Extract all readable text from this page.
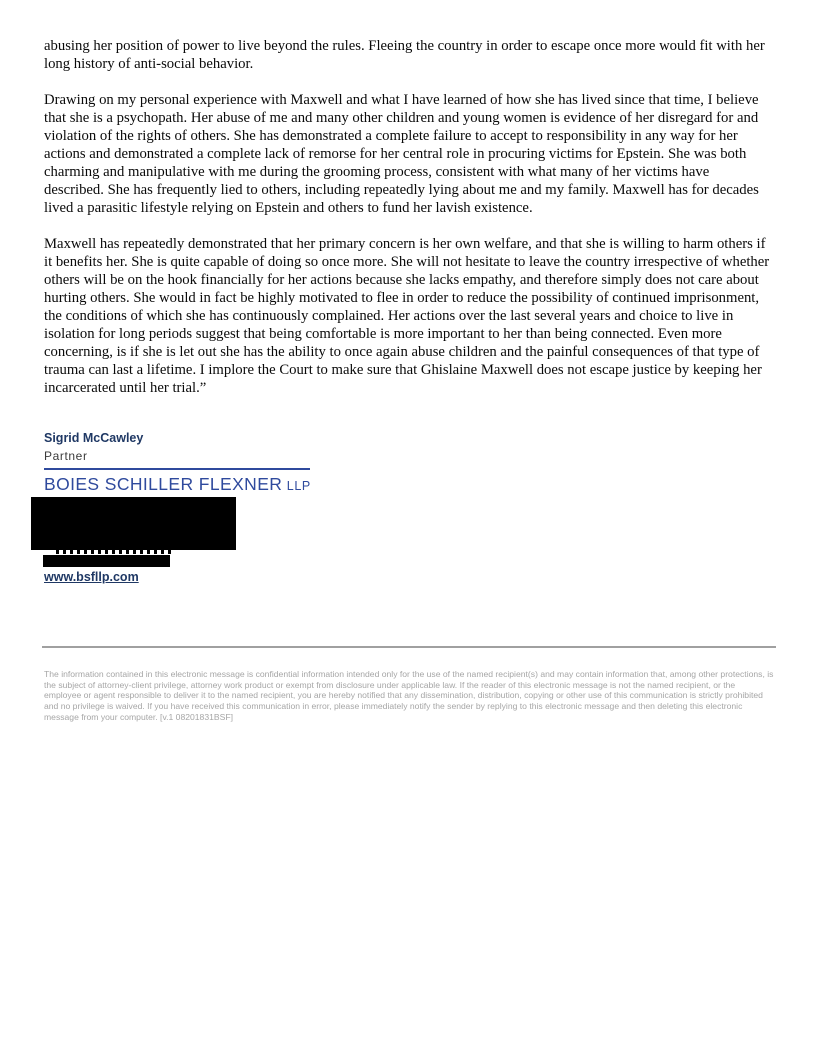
abusing her position of power to live beyond the rules. Fleeing the country in order to escape once more would fit with her long history of anti-social behavior.

Drawing on my personal experience with Maxwell and what I have learned of how she has lived since that time, I believe that she is a psychopath. Her abuse of me and many other children and young women is evidence of her disregard for and violation of the rights of others. She has demonstrated a complete failure to accept to responsibility in any way for her actions and demonstrated a complete lack of remorse for her central role in procuring victims for Epstein. She was both charming and manipulative with me during the grooming process, consistent with what many of her victims have described. She has frequently lied to others, including repeatedly lying about me and my family. Maxwell has for decades lived a parasitic lifestyle relying on Epstein and others to fund her lavish existence.

Maxwell has repeatedly demonstrated that her primary concern is her own welfare, and that she is willing to harm others if it benefits her. She is quite capable of doing so once more. She will not hesitate to leave the country irrespective of whether others will be on the hook financially for her actions because she lacks empathy, and therefore simply does not care about hurting others. She would in fact be highly motivated to flee in order to reduce the possibility of continued imprisonment, the conditions of which she has continuously complained. Her actions over the last several years and choice to live in isolation for long periods suggest that being comfortable is more important to her than being connected. Even more concerning, is if she is let out she has the ability to once again abuse children and the painful consequences of that type of trauma can last a lifetime. I implore the Court to make sure that Ghislaine Maxwell does not escape justice by keeping her incarcerated until her trial.”

Sigrid McCawley
Partner
BOIES SCHILLER FLEXNER LLP
www.bsfllp.com
The information contained in this electronic message is confidential information intended only for the use of the named recipient(s) and may contain information that, among other protections, is the subject of attorney-client privilege, attorney work product or exempt from disclosure under applicable law. If the reader of this electronic message is not the named recipient, or the employee or agent responsible to deliver it to the named recipient, you are hereby notified that any dissemination, distribution, copying or other use of this communication is strictly prohibited and no privilege is waived. If you have received this communication in error, please immediately notify the sender by replying to this electronic message and then deleting this electronic message from your computer. [v.1 08201831BSF]
